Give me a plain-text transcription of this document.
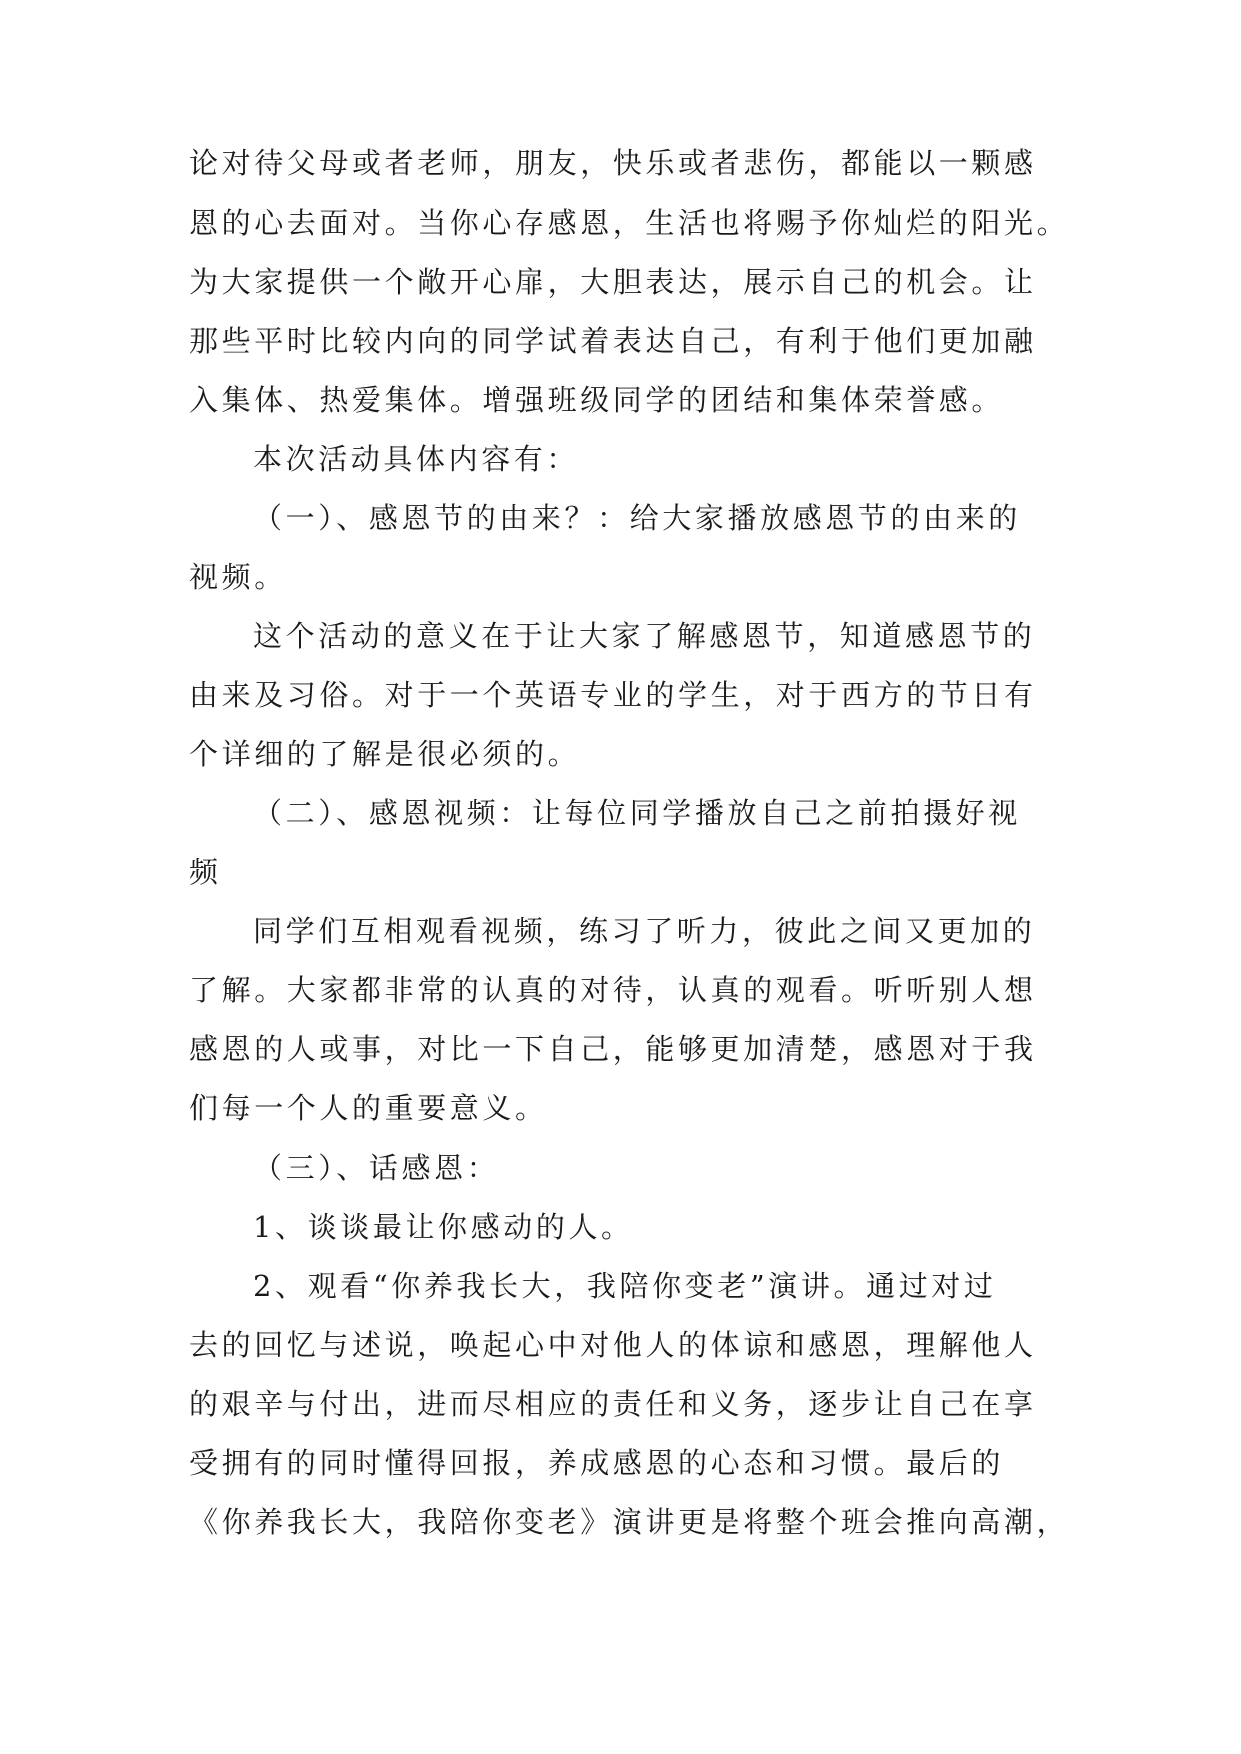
论对待父母或者老师，朋友，快乐或者悲伤，都能以一颗感
恩的心去面对。当你心存感恩，生活也将赐予你灿烂的阳光。
为大家提供一个敞开心扉，大胆表达，展示自己的机会。让
那些平时比较内向的同学试着表达自己，有利于他们更加融
入集体、热爱集体。增强班级同学的团结和集体荣誉感。
本次活动具体内容有：
（一）、感恩节的由来？：给大家播放感恩节的由来的
视频。
这个活动的意义在于让大家了解感恩节，知道感恩节的
由来及习俗。对于一个英语专业的学生，对于西方的节日有
个详细的了解是很必须的。
（二）、感恩视频：让每位同学播放自己之前拍摄好视
频
同学们互相观看视频，练习了听力，彼此之间又更加的
了解。大家都非常的认真的对待，认真的观看。听听别人想
感恩的人或事，对比一下自己，能够更加清楚，感恩对于我
们每一个人的重要意义。
（三）、话感恩：
1、谈谈最让你感动的人。
2、观看“你养我长大，我陪你变老”演讲。通过对过
去的回忆与述说，唤起心中对他人的体谅和感恩，理解他人
的艰辛与付出，进而尽相应的责任和义务，逐步让自己在享
受拥有的同时懂得回报，养成感恩的心态和习惯。最后的
《你养我长大，我陪你变老》演讲更是将整个班会推向高潮，
